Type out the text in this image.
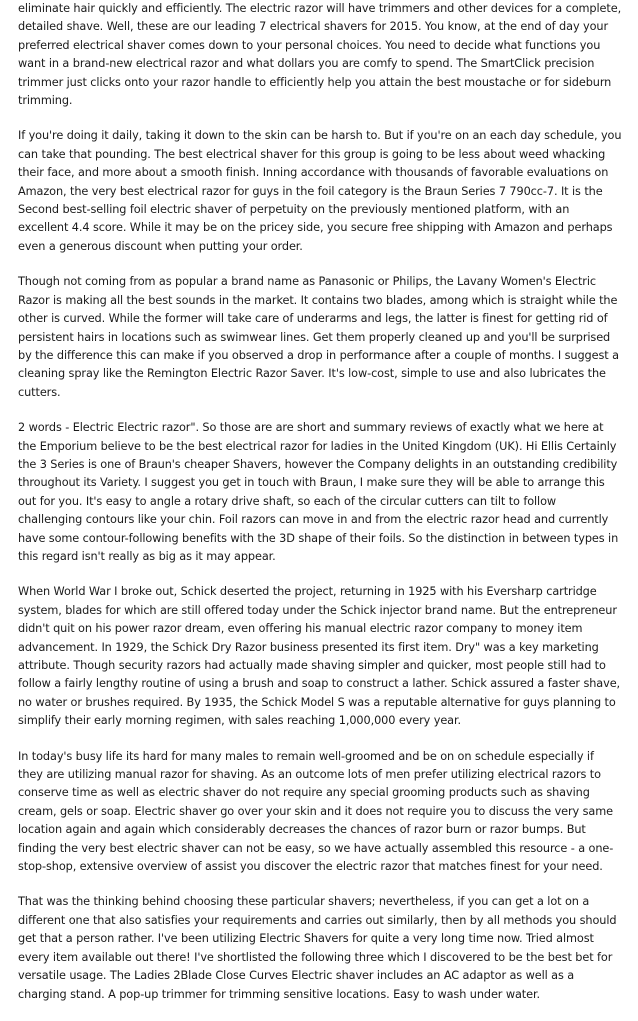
eliminate hair quickly and efficiently. The electric razor will have trimmers and other devices for a complete, detailed shave. Well, these are our leading 7 electrical shavers for 2015. You know, at the end of day your preferred electrical shaver comes down to your personal choices. You need to decide what functions you want in a brand-new electrical razor and what dollars you are comfy to spend. The SmartClick precision trimmer just clicks onto your razor handle to efficiently help you attain the best moustache or for sideburn trimming.

If you're doing it daily, taking it down to the skin can be harsh to. But if you're on an each day schedule, you can take that pounding. The best electrical shaver for this group is going to be less about weed whacking their face, and more about a smooth finish. Inning accordance with thousands of favorable evaluations on Amazon, the very best electrical razor for guys in the foil category is the Braun Series 7 790cc-7. It is the Second best-selling foil electric shaver of perpetuity on the previously mentioned platform, with an excellent 4.4 score. While it may be on the pricey side, you secure free shipping with Amazon and perhaps even a generous discount when putting your order.

Though not coming from as popular a brand name as Panasonic or Philips, the Lavany Women's Electric Razor is making all the best sounds in the market. It contains two blades, among which is straight while the other is curved. While the former will take care of underarms and legs, the latter is finest for getting rid of persistent hairs in locations such as swimwear lines. Get them properly cleaned up and you'll be surprised by the difference this can make if you observed a drop in performance after a couple of months. I suggest a cleaning spray like the Remington Electric Razor Saver. It's low-cost, simple to use and also lubricates the cutters.

2 words - Electric Electric razor". So those are are short and summary reviews of exactly what we here at the Emporium believe to be the best electrical razor for ladies in the United Kingdom (UK). Hi Ellis Certainly the 3 Series is one of Braun's cheaper Shavers, however the Company delights in an outstanding credibility throughout its Variety. I suggest you get in touch with Braun, I make sure they will be able to arrange this out for you. It's easy to angle a rotary drive shaft, so each of the circular cutters can tilt to follow challenging contours like your chin. Foil razors can move in and from the electric razor head and currently have some contour-following benefits with the 3D shape of their foils. So the distinction in between types in this regard isn't really as big as it may appear.

When World War I broke out, Schick deserted the project, returning in 1925 with his Eversharp cartridge system, blades for which are still offered today under the Schick injector brand name. But the entrepreneur didn't quit on his power razor dream, even offering his manual electric razor company to money item advancement. In 1929, the Schick Dry Razor business presented its first item. Dry" was a key marketing attribute. Though security razors had actually made shaving simpler and quicker, most people still had to follow a fairly lengthy routine of using a brush and soap to construct a lather. Schick assured a faster shave, no water or brushes required. By 1935, the Schick Model S was a reputable alternative for guys planning to simplify their early morning regimen, with sales reaching 1,000,000 every year.

In today's busy life its hard for many males to remain well-groomed and be on on schedule especially if they are utilizing manual razor for shaving. As an outcome lots of men prefer utilizing electrical razors to conserve time as well as electric shaver do not require any special grooming products such as shaving cream, gels or soap. Electric shaver go over your skin and it does not require you to discuss the very same location again and again which considerably decreases the chances of razor burn or razor bumps. But finding the very best electric shaver can not be easy, so we have actually assembled this resource - a one-stop-shop, extensive overview of assist you discover the electric razor that matches finest for your need.

That was the thinking behind choosing these particular shavers; nevertheless, if you can get a lot on a different one that also satisfies your requirements and carries out similarly, then by all methods you should get that a person rather. I've been utilizing Electric Shavers for quite a very long time now. Tried almost every item available out there! I've shortlisted the following three which I discovered to be the best bet for versatile usage. The Ladies 2Blade Close Curves Electric shaver includes an AC adaptor as well as a charging stand. A pop-up trimmer for trimming sensitive locations. Easy to wash under water.
